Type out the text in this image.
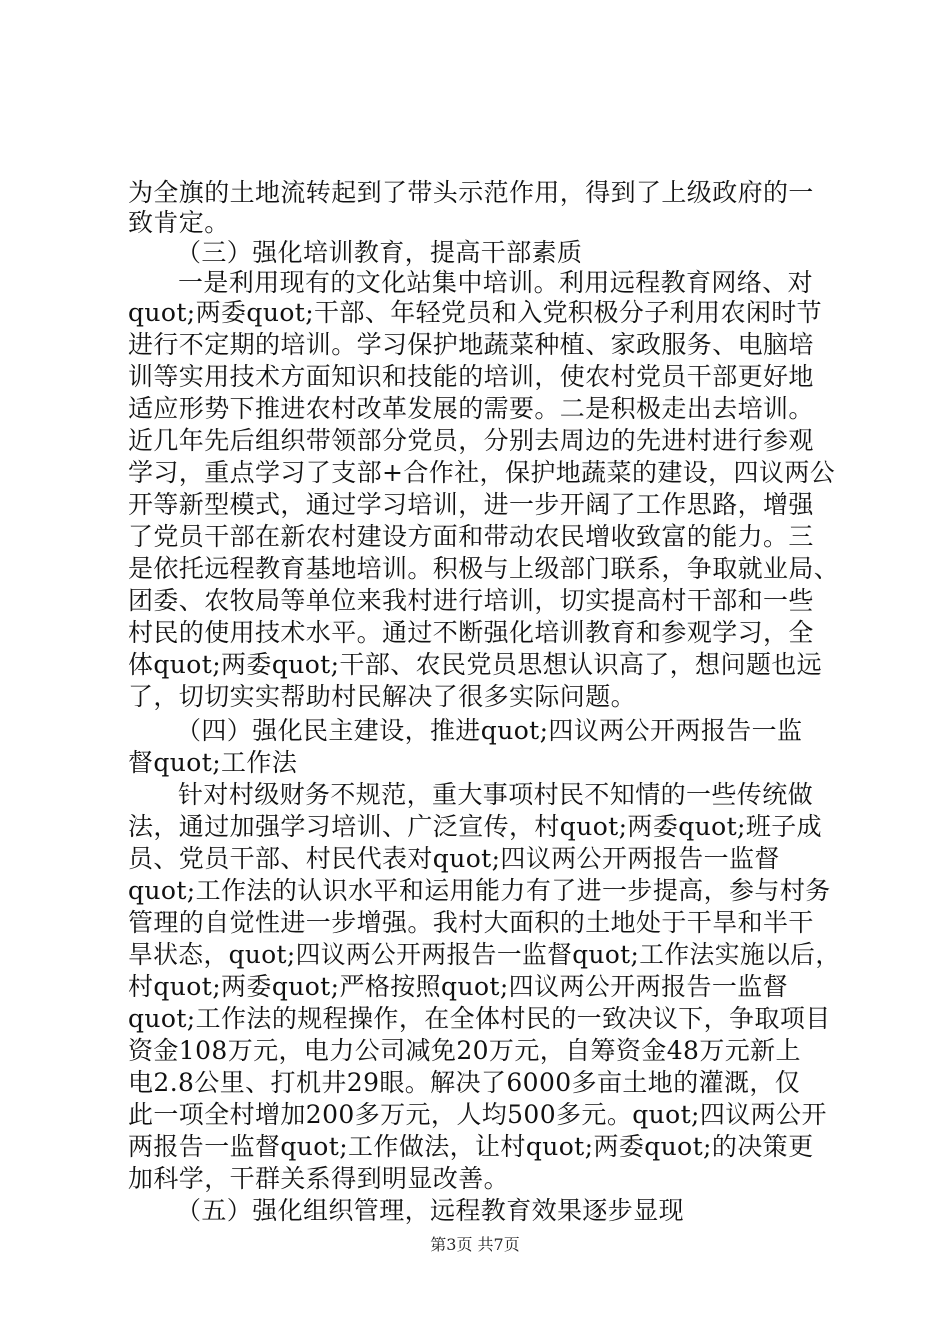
为全旗的土地流转起到了带头示范作用，得到了上级政府的一
致肯定。
（三）强化培训教育，提高干部素质
一是利用现有的文化站集中培训。利用远程教育网络、对
quot;两委quot;干部、年轻党员和入党积极分子利用农闲时节
进行不定期的培训。学习保护地蔬菜种植、家政服务、电脑培
训等实用技术方面知识和技能的培训，使农村党员干部更好地
适应形势下推进农村改革发展的需要。二是积极走出去培训。
近几年先后组织带领部分党员，分别去周边的先进村进行参观
学习，重点学习了支部+合作社，保护地蔬菜的建设，四议两公
开等新型模式，通过学习培训，进一步开阔了工作思路，增强
了党员干部在新农村建设方面和带动农民增收致富的能力。三
是依托远程教育基地培训。积极与上级部门联系，争取就业局、
团委、农牧局等单位来我村进行培训，切实提高村干部和一些
村民的使用技术水平。通过不断强化培训教育和参观学习，全
体quot;两委quot;干部、农民党员思想认识高了，想问题也远
了，切切实实帮助村民解决了很多实际问题。
（四）强化民主建设，推进quot;四议两公开两报告一监
督quot;工作法
针对村级财务不规范，重大事项村民不知情的一些传统做
法，通过加强学习培训、广泛宣传，村quot;两委quot;班子成
员、党员干部、村民代表对quot;四议两公开两报告一监督
quot;工作法的认识水平和运用能力有了进一步提高，参与村务
管理的自觉性进一步增强。我村大面积的土地处于干旱和半干
旱状态，quot;四议两公开两报告一监督quot;工作法实施以后，
村quot;两委quot;严格按照quot;四议两公开两报告一监督
quot;工作法的规程操作，在全体村民的一致决议下，争取项目
资金108万元，电力公司减免20万元，自筹资金48万元新上
电2.8公里、打机井29眼。解决了6000多亩土地的灌溉，仅
此一项全村增加200多万元，人均500多元。quot;四议两公开
两报告一监督quot;工作做法，让村quot;两委quot;的决策更
加科学，干群关系得到明显改善。
（五）强化组织管理，远程教育效果逐步显现
第3页 共7页
